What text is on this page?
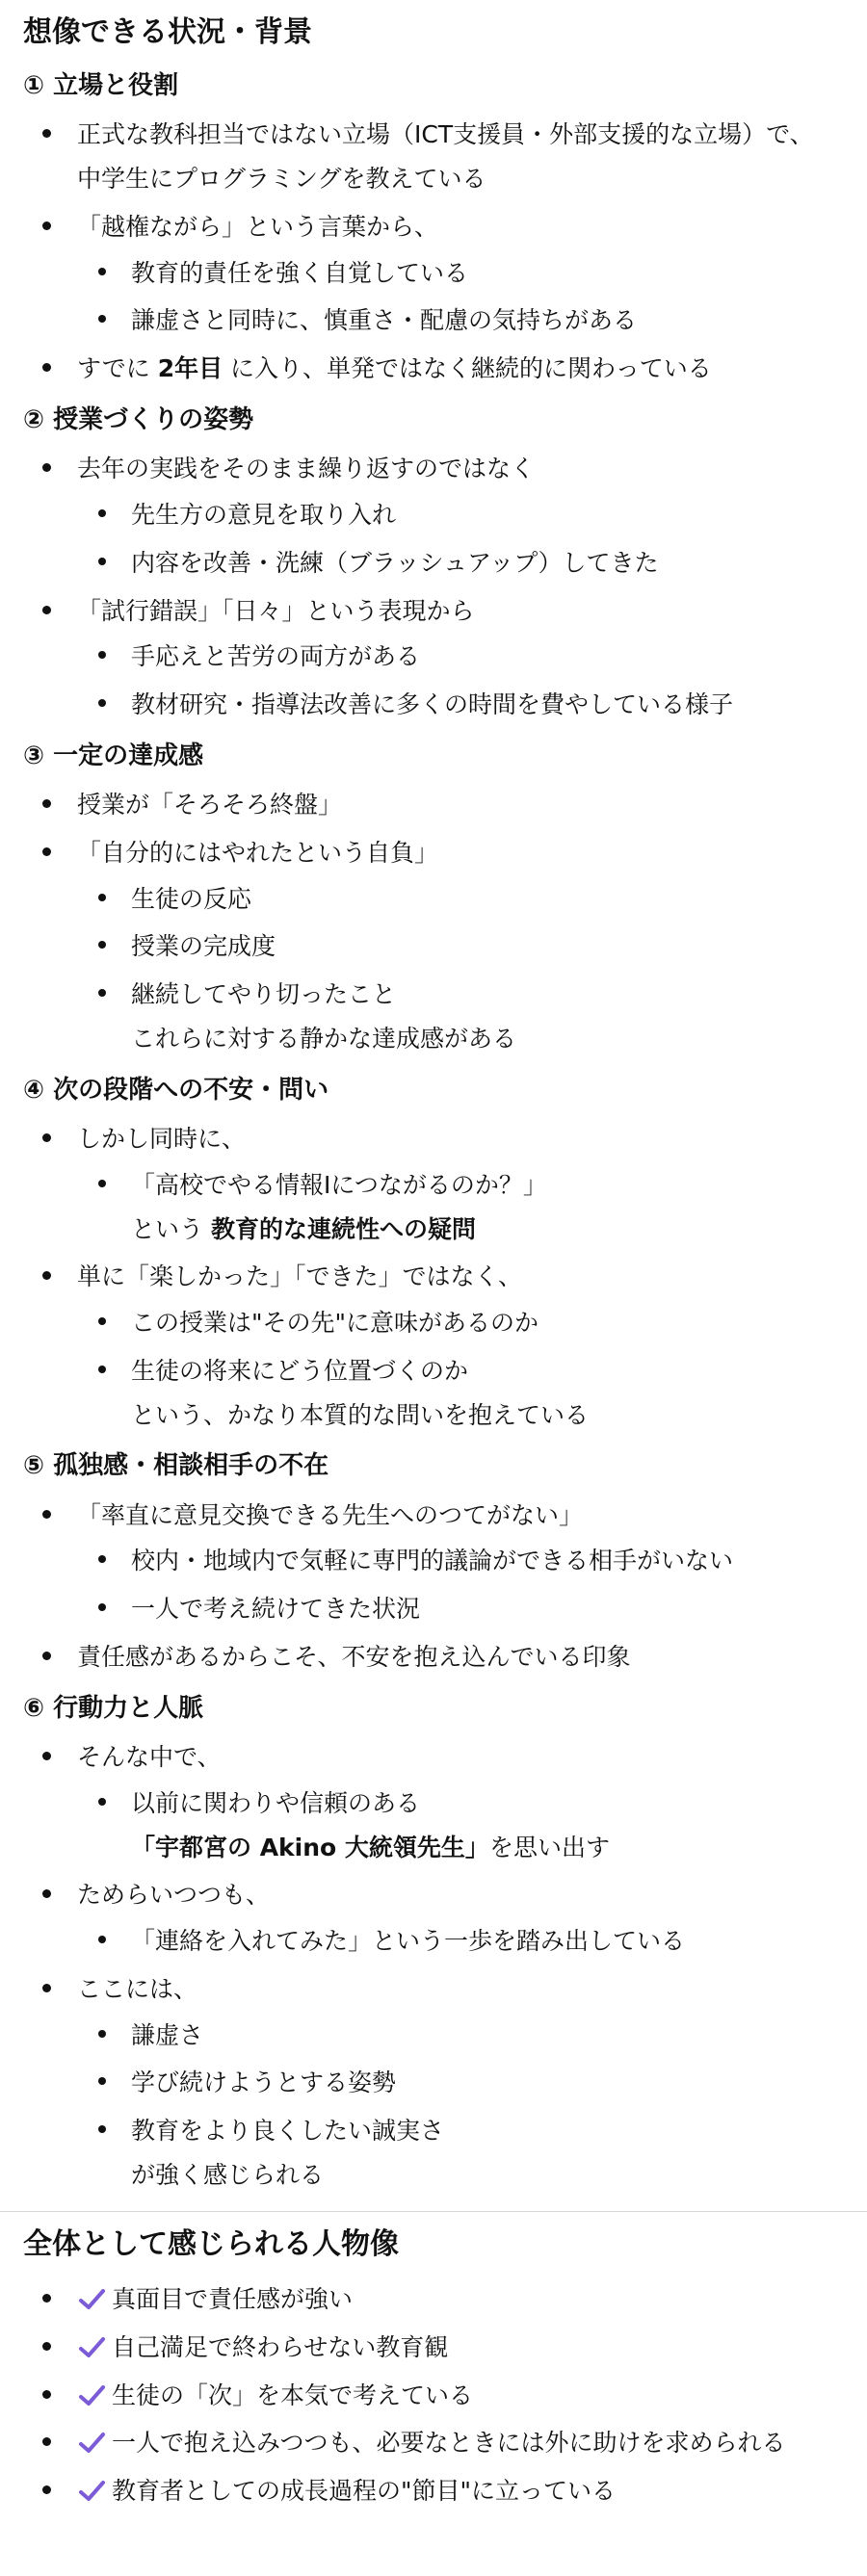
想像できる状況・背景
① 立場と役割
正式な教科担当ではない立場（ICT支援員・外部支援的な立場）で、
中学生にプログラミングを教えている
「越権ながら」という言葉から、
教育的責任を強く自覚している
謙虚さと同時に、慎重さ・配慮の気持ちがある
すでに 2年目 に入り、単発ではなく継続的に関わっている
② 授業づくりの姿勢
去年の実践をそのまま繰り返すのではなく
先生方の意見を取り入れ
内容を改善・洗練（ブラッシュアップ）してきた
「試行錯誤」「日々」という表現から
手応えと苦労の両方がある
教材研究・指導法改善に多くの時間を費やしている様子
③ 一定の達成感
授業が「そろそろ終盤」
「自分的にはやれたという自負」
生徒の反応
授業の完成度
継続してやり切ったこと
これらに対する静かな達成感がある
④ 次の段階への不安・問い
しかし同時に、
「高校でやる情報Ⅰにつながるのか？」
という 教育的な連続性への疑問
単に「楽しかった」「できた」ではなく、
この授業は"その先"に意味があるのか
生徒の将来にどう位置づくのか
という、かなり本質的な問いを抱えている
⑤ 孤独感・相談相手の不在
「率直に意見交換できる先生へのつてがない」
校内・地域内で気軽に専門的議論ができる相手がいない
一人で考え続けてきた状況
責任感があるからこそ、不安を抱え込んでいる印象
⑥ 行動力と人脈
そんな中で、
以前に関わりや信頼のある
「宇都宮の Akino 大統領先生」を思い出す
ためらいつつも、
「連絡を入れてみた」という一歩を踏み出している
ここには、
謙虚さ
学び続けようとする姿勢
教育をより良くしたい誠実さ
が強く感じられる
全体として感じられる人物像
真面目で責任感が強い
自己満足で終わらせない教育観
生徒の「次」を本気で考えている
一人で抱え込みつつも、必要なときには外に助けを求められる
教育者としての成長過程の"節目"に立っている
